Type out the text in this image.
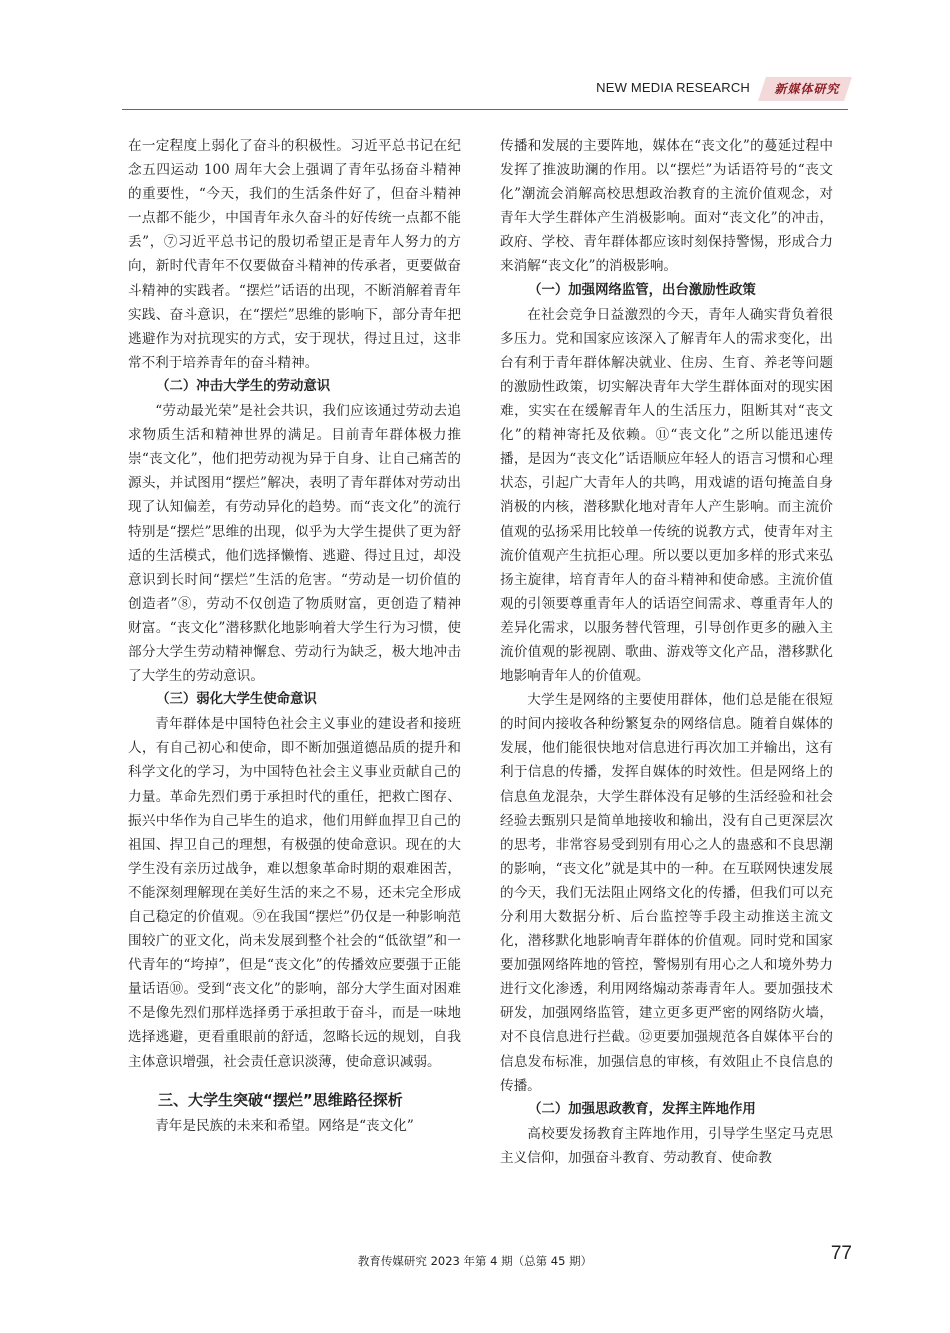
NEW MEDIA RESEARCH	新媒体研究

在一定程度上弱化了奋斗的积极性。习近平总书记在纪念五四运动 100 周年大会上强调了青年弘扬奋斗精神的重要性，“今天，我们的生活条件好了，但奋斗精神一点都不能少，中国青年永久奋斗的好传统一点都不能丢”，⑦习近平总书记的殷切希望正是青年人努力的方向，新时代青年不仅要做奋斗精神的传承者，更要做奋斗精神的实践者。“摆烂”话语的出现，不断消解着青年实践、奋斗意识，在“摆烂”思维的影响下，部分青年把逃避作为对抗现实的方式，安于现状，得过且过，这非常不利于培养青年的奋斗精神。

（二）冲击大学生的劳动意识

“劳动最光荣”是社会共识，我们应该通过劳动去追求物质生活和精神世界的满足。目前青年群体极力推崇“丧文化”，他们把劳动视为异于自身、让自己痛苦的源头，并试图用“摆烂”解决，表明了青年群体对劳动出现了认知偏差，有劳动异化的趋势。而“丧文化”的流行特别是“摆烂”思维的出现，似乎为大学生提供了更为舒适的生活模式，他们选择懒惰、逃避、得过且过，却没意识到长时间“摆烂”生活的危害。“劳动是一切价值的创造者”⑧，劳动不仅创造了物质财富，更创造了精神财富。“丧文化”潜移默化地影响着大学生行为习惯，使部分大学生劳动精神懈怠、劳动行为缺乏，极大地冲击了大学生的劳动意识。

（三）弱化大学生使命意识

青年群体是中国特色社会主义事业的建设者和接班人，有自己初心和使命，即不断加强道德品质的提升和科学文化的学习，为中国特色社会主义事业贡献自己的力量。革命先烈们勇于承担时代的重任，把救亡图存、振兴中华作为自己毕生的追求，他们用鲜血捍卫自己的祖国、捍卫自己的理想，有极强的使命意识。现在的大学生没有亲历过战争，难以想象革命时期的艰难困苦，不能深刻理解现在美好生活的来之不易，还未完全形成自己稳定的价值观。⑨在我国“摆烂”仍仅是一种影响范围较广的亚文化，尚未发展到整个社会的“低欲望”和一代青年的“垮掉”，但是“丧文化”的传播效应要强于正能量话语⑩。受到“丧文化”的影响，部分大学生面对困难不是像先烈们那样选择勇于承担敢于奋斗，而是一味地选择逃避，更看重眼前的舒适，忽略长远的规划，自我主体意识增强，社会责任意识淡薄，使命意识减弱。

三、大学生突破“摆烂”思维路径探析

青年是民族的未来和希望。网络是“丧文化”

传播和发展的主要阵地，媒体在“丧文化”的蔓延过程中发挥了推波助澜的作用。以“摆烂”为话语符号的“丧文化”潮流会消解高校思想政治教育的主流价值观念，对青年大学生群体产生消极影响。面对“丧文化”的冲击，政府、学校、青年群体都应该时刻保持警惕，形成合力来消解“丧文化”的消极影响。

（一）加强网络监管，出台激励性政策

在社会竞争日益激烈的今天，青年人确实背负着很多压力。党和国家应该深入了解青年人的需求变化，出台有利于青年群体解决就业、住房、生育、养老等问题的激励性政策，切实解决青年大学生群体面对的现实困难，实实在在缓解青年人的生活压力，阻断其对“丧文化”的精神寄托及依赖。⑪“丧文化”之所以能迅速传播，是因为“丧文化”话语顺应年轻人的语言习惯和心理状态，引起广大青年人的共鸣，用戏谑的语句掩盖自身消极的内核，潜移默化地对青年人产生影响。而主流价值观的弘扬采用比较单一传统的说教方式，使青年对主流价值观产生抗拒心理。所以要以更加多样的形式来弘扬主旋律，培育青年人的奋斗精神和使命感。主流价值观的引领要尊重青年人的话语空间需求、尊重青年人的差异化需求，以服务替代管理，引导创作更多的融入主流价值观的影视剧、歌曲、游戏等文化产品，潜移默化地影响青年人的价值观。

大学生是网络的主要使用群体，他们总是能在很短的时间内接收各种纷繁复杂的网络信息。随着自媒体的发展，他们能很快地对信息进行再次加工并输出，这有利于信息的传播，发挥自媒体的时效性。但是网络上的信息鱼龙混杂，大学生群体没有足够的生活经验和社会经验去甄别只是简单地接收和输出，没有自己更深层次的思考，非常容易受到别有用心之人的蛊惑和不良思潮的影响，“丧文化”就是其中的一种。在互联网快速发展的今天，我们无法阻止网络文化的传播，但我们可以充分利用大数据分析、后台监控等手段主动推送主流文化，潜移默化地影响青年群体的价值观。同时党和国家要加强网络阵地的管控，警惕别有用心之人和境外势力进行文化渗透，利用网络煽动荼毒青年人。要加强技术研发，加强网络监管，建立更多更严密的网络防火墙，对不良信息进行拦截。⑫更要加强规范各自媒体平台的信息发布标准，加强信息的审核，有效阻止不良信息的传播。

（二）加强思政教育，发挥主阵地作用

高校要发扬教育主阵地作用，引导学生坚定马克思主义信仰，加强奋斗教育、劳动教育、使命教

教育传媒研究 2023 年第 4 期（总第 45 期）	77
